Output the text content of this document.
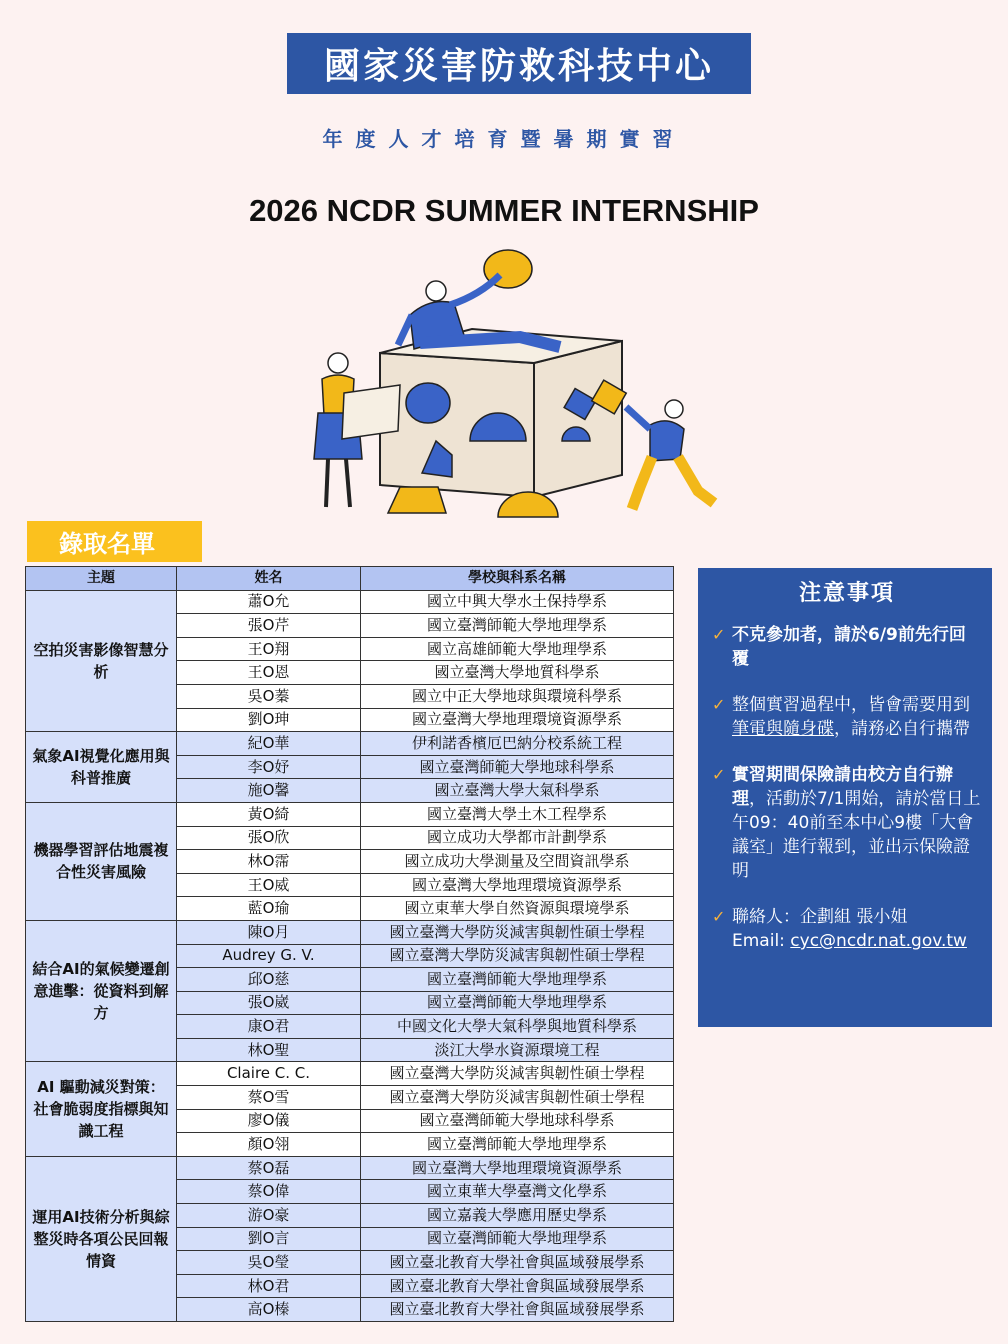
國家災害防救科技中心
年度人才培育暨暑期實習
2026 NCDR SUMMER INTERNSHIP
錄取名單
主題	姓名	學校與科系名稱
空拍災害影像智慧分析	蕭O允	國立中興大學水土保持學系
	張O芹	國立臺灣師範大學地理學系
	王O翔	國立高雄師範大學地理學系
	王O恩	國立臺灣大學地質科學系
	吳O蓁	國立中正大學地球與環境科學系
	劉O珅	國立臺灣大學地理環境資源學系
氣象AI視覺化應用與科普推廣	紀O華	伊利諾香檳厄巴納分校系統工程
	李O妤	國立臺灣師範大學地球科學系
	施O馨	國立臺灣大學大氣科學系
機器學習評估地震複合性災害風險	黃O綺	國立臺灣大學土木工程學系
	張O欣	國立成功大學都市計劃學系
	林O霈	國立成功大學測量及空間資訊學系
	王O威	國立臺灣大學地理環境資源學系
	藍O瑜	國立東華大學自然資源與環境學系
結合AI的氣候變遷創意進擊：從資料到解方	陳O月	國立臺灣大學防災減害與韌性碩士學程
	Audrey G. V.	國立臺灣大學防災減害與韌性碩士學程
	邱O慈	國立臺灣師範大學地理學系
	張O崴	國立臺灣師範大學地理學系
	康O君	中國文化大學大氣科學與地質科學系
	林O聖	淡江大學水資源環境工程
AI 驅動減災對策：社會脆弱度指標與知識工程	Claire C. C.	國立臺灣大學防災減害與韌性碩士學程
	蔡O雪	國立臺灣大學防災減害與韌性碩士學程
	廖O儀	國立臺灣師範大學地球科學系
	顏O翎	國立臺灣師範大學地理學系
運用AI技術分析與綜整災時各項公民回報情資	蔡O磊	國立臺灣大學地理環境資源學系
	蔡O偉	國立東華大學臺灣文化學系
	游O豪	國立嘉義大學應用歷史學系
	劉O言	國立臺灣師範大學地理學系
	吳O瑩	國立臺北教育大學社會與區域發展學系
	林O君	國立臺北教育大學社會與區域發展學系
	高O榛	國立臺北教育大學社會與區域發展學系
注意事項
✓ 不克參加者，請於6/9前先行回覆
✓ 整個實習過程中，皆會需要用到筆電與隨身碟，請務必自行攜帶
✓ 實習期間保險請由校方自行辦理，活動於7/1開始，請於當日上午09：40前至本中心9樓「大會議室」進行報到，並出示保險證明
✓ 聯絡人：企劃組 張小姐
Email: cyc@ncdr.nat.gov.tw
